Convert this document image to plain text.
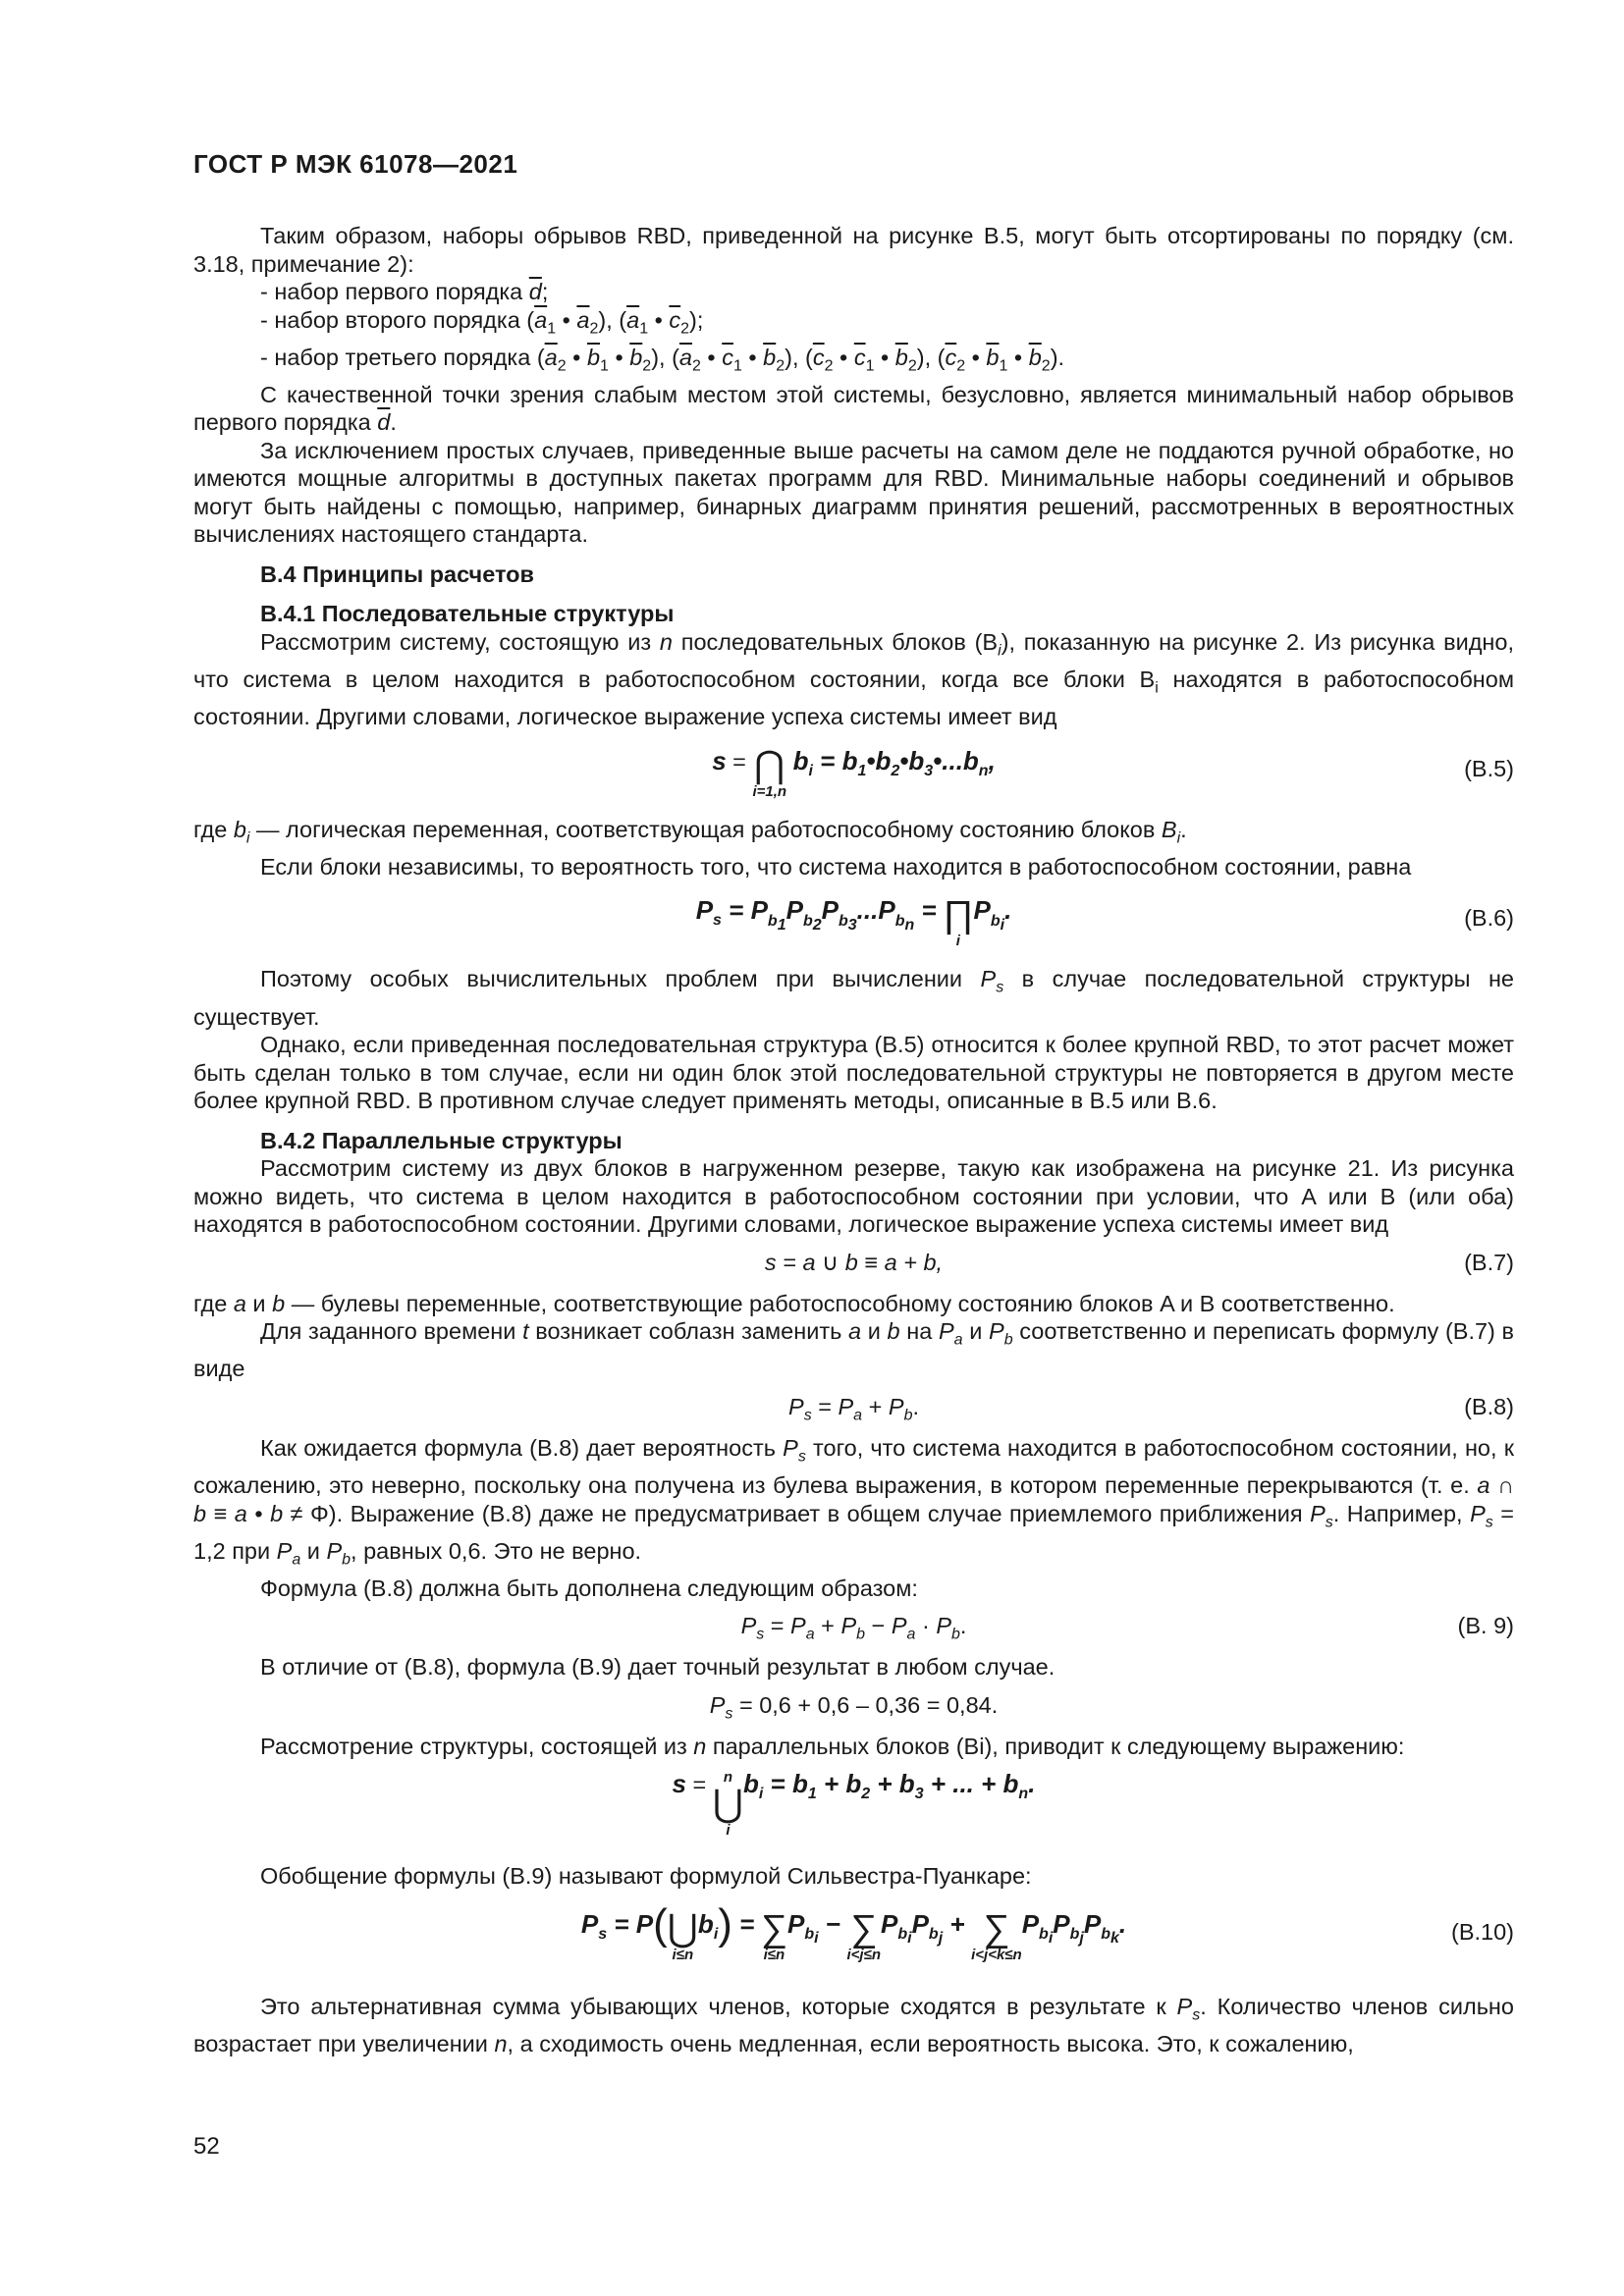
ГОСТ Р МЭК 61078—2021

Таким образом, наборы обрывов RBD, приведенной на рисунке В.5, могут быть отсортированы по порядку (см. 3.18, примечание 2):

- набор первого порядка $\overline{d}$;

- набор второго порядка ($\overline{a}_1$ • $\overline{a}_2$), ($\overline{a}_1$ • $\overline{c}_2$);

- набор третьего порядка ($\overline{a}_2$ • $\overline{b}_1$ • $\overline{b}_2$), ($\overline{a}_2$ • $\overline{c}_1$ • $\overline{b}_2$), ($\overline{c}_2$ • $\overline{c}_1$ • $\overline{b}_2$), ($\overline{c}_2$ • $\overline{b}_1$ • $\overline{b}_2$).

С качественной точки зрения слабым местом этой системы, безусловно, является минимальный набор обрывов первого порядка $\overline{d}$.

За исключением простых случаев, приведенные выше расчеты на самом деле не поддаются ручной обработке, но имеются мощные алгоритмы в доступных пакетах программ для RBD. Минимальные наборы соединений и обрывов могут быть найдены с помощью, например, бинарных диаграмм принятия решений, рассмотренных в вероятностных вычислениях настоящего стандарта.

В.4 Принципы расчетов

В.4.1 Последовательные структуры

Рассмотрим систему, состоящую из n последовательных блоков $(B_i)$, показанную на рисунке 2. Из рисунка видно, что система в целом находится в работоспособном состоянии, когда все блоки $B_i$ находятся в работоспособном состоянии. Другими словами, логическое выражение успеха системы имеет вид

s = ⋂
i=1,n
$b_i$ = $b_1•b_2•b_3•...b_n$,	(В.5)

где $b_i$ — логическая переменная, соответствующая работоспособному состоянию блоков $B_i$.

Если блоки независимы, то вероятность того, что система находится в работоспособном состоянии, равна

$P_s = P_{b_1}P_{b_2}P_{b_3}...P_{b_n}$ = ∏
i
$P_{b_i}$.	(В.6)

Поэтому особых вычислительных проблем при вычислении $P_s$ в случае последовательной структуры не существует.

Однако, если приведенная последовательная структура (В.5) относится к более крупной RBD, то этот расчет может быть сделан только в том случае, если ни один блок этой последовательной структуры не повторяется в другом месте более крупной RBD. В противном случае следует применять методы, описанные в В.5 или В.6.

В.4.2 Параллельные структуры

Рассмотрим систему из двух блоков в нагруженном резерве, такую как изображена на рисунке 21. Из рисунка можно видеть, что система в целом находится в работоспособном состоянии при условии, что A или B (или оба) находятся в работоспособном состоянии. Другими словами, логическое выражение успеха системы имеет вид

s = a ∪ b ≡ a + b,	(В.7)

где a и b — булевы переменные, соответствующие работоспособному состоянию блоков A и B соответственно.

Для заданного времени t возникает соблазн заменить a и b на $P_a$ и $P_b$ соответственно и переписать формулу (В.7) в виде

$P_s = P_a + P_b$.	(В.8)

Как ожидается формула (В.8) дает вероятность $P_s$ того, что система находится в работоспособном состоянии, но, к сожалению, это неверно, поскольку она получена из булева выражения, в котором переменные перекрываются (т. е. a ∩ b ≡ a • b ≠ Φ). Выражение (В.8) даже не предусматривает в общем случае приемлемого приближения $P_s$. Например, $P_s = 1,2$ при $P_a$ и $P_b$, равных 0,6. Это не верно.

Формула (В.8) должна быть дополнена следующим образом:

$P_s = P_a + P_b - P_a \cdot P_b$.	(В. 9)

В отличие от (В.8), формула (В.9) дает точный результат в любом случае.

$P_s = 0,6 + 0,6 - 0,36 = 0,84$.

Рассмотрение структуры, состоящей из n параллельных блоков (Bi), приводит к следующему выражению:

s = n
⋃
i
$b_i = b_1 + b_2 + b_3$ + ... + $b_n$.

Обобщение формулы (В.9) называют формулой Сильвестра-Пуанкаре:

$P_s = P$( ⋃
i≤n
$b_i$) = ∑
i≤n
$P_{b_i}$ − ∑
i<j≤n
$P_{b_i}P_{b_j}$ + ∑
i<j<k≤n
$P_{b_i}P_{b_j}P_{b_k}$.	(В.10)

Это альтернативная сумма убывающих членов, которые сходятся в результате к $P_s$. Количество членов сильно возрастает при увеличении n, а сходимость очень медленная, если вероятность высока. Это, к сожалению,

52
